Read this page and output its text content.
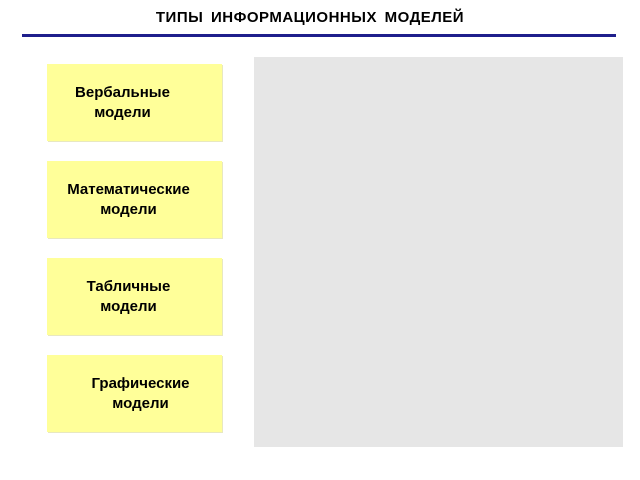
ТИПЫ ИНФОРМАЦИОННЫХ МОДЕЛЕЙ
Вербальные
модели
Математические
модели
Табличные
модели
Графические
модели
